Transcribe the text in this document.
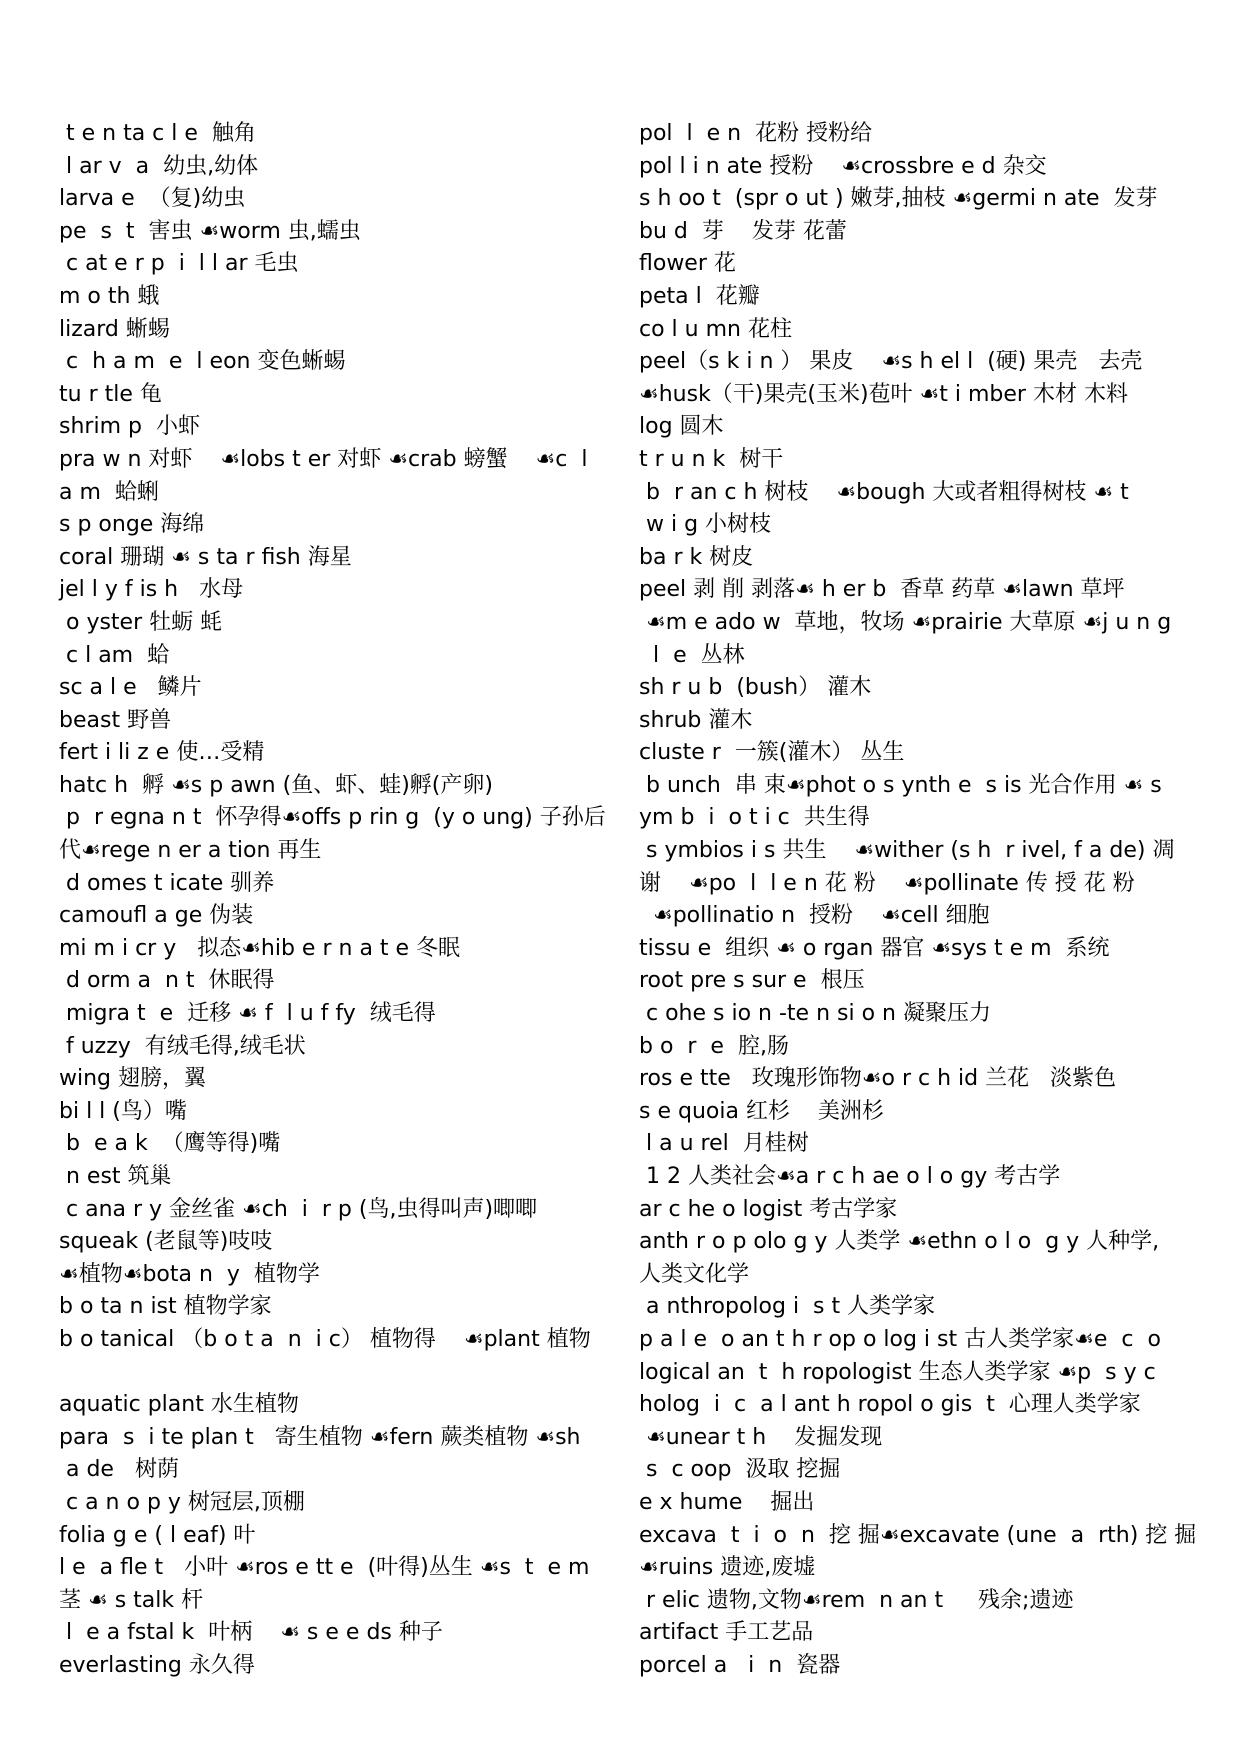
t e n ta c l e  触角
l ar v  a  幼虫,幼体
larva e  （复)幼虫
pe  s  t  害虫 ☙worm 虫,蠕虫
c at e r p  i  l l ar 毛虫
m o th 蛾
lizard 蜥蜴
c  h a m  e  l eon 变色蜥蜴
tu r tle 龟
shrim p  小虾
pra w n 对虾    ☙lobs t er 对虾 ☙crab 螃蟹    ☙c  l
a m  蛤蜊
s p onge 海绵
coral 珊瑚 ☙ s ta r fish 海星
jel l y f is h   水母
o yster 牡蛎 蚝
c l am  蛤
sc a l e   鳞片
beast 野兽
fert i li z e 使…受精
hatc h  孵 ☙s p awn (鱼、虾、蛙)孵(产卵)
p  r egna n t  怀孕得☙offs p rin g  (y o ung) 子孙后
代☙rege n er a tion 再生
d omes t icate 驯养
camoufl a ge 伪装
mi m i cr y   拟态☙hib e r n a t e 冬眠
d orm a  n t  休眠得
migra t  e  迁移 ☙ f  l u f fy  绒毛得
f uzzy  有绒毛得,绒毛状
wing 翅膀，翼
bi l l (鸟）嘴
b  e a k  （鹰等得)嘴
n est 筑巢
c ana r y 金丝雀 ☙ch  i  r p (鸟,虫得叫声)唧唧
squeak (老鼠等)吱吱
☙植物☙bota n  y  植物学
b o ta n ist 植物学家
b o tanical （b o t a  n  i c） 植物得    ☙plant 植物
aquatic plant 水生植物
para  s  i te plan t   寄生植物 ☙fern 蕨类植物 ☙sh
a de   树荫
c a n o p y 树冠层,顶棚
folia g e ( l eaf) 叶
l e  a fle t   小叶 ☙ros e tt e  (叶得)丛生 ☙s  t  e m
茎 ☙ s talk 杆
l  e a fstal k  叶柄    ☙ s e e ds 种子
everlasting 永久得
pol  l  e n  花粉 授粉给
pol l i n ate 授粉    ☙crossbre e d 杂交
s h oo t  (spr o ut ) 嫩芽,抽枝 ☙germi n ate  发芽
bu d  芽    发芽 花蕾
flower 花
peta l  花瓣
co l u mn 花柱
peel（s k i n ） 果皮    ☙s h el l  (硬) 果壳   去壳
☙husk（干)果壳(玉米)苞叶 ☙t i mber 木材 木料
log 圆木
t r u n k  树干
b  r an c h 树枝    ☙bough 大或者粗得树枝 ☙ t
w i g 小树枝
ba r k 树皮
peel 剥 削 剥落☙ h er b  香草 药草 ☙lawn 草坪
☙m e ado w  草地，牧场 ☙prairie 大草原 ☙j u n g
l  e  丛林
sh r u b  (bush） 灌木
shrub 灌木
cluste r  一簇(灌木） 丛生
b unch  串 束☙phot o s ynth e  s is 光合作用 ☙ s
ym b  i  o t i c  共生得
s ymbios i s 共生    ☙wither (s h  r ivel, f a de) 凋
谢    ☙po  l  l e n 花 粉    ☙pollinate 传 授 花 粉
☙pollinatio n  授粉    ☙cell 细胞
tissu e  组织 ☙ o rgan 器官 ☙sys t e m  系统
root pre s sur e  根压
c ohe s io n -te n si o n 凝聚压力
b o  r  e  腔,肠
ros e tte   玫瑰形饰物☙o r c h id 兰花   淡紫色
s e quoia 红杉    美洲杉
l a u rel  月桂树
1 2 人类社会☙a r c h ae o l o gy 考古学
ar c he o logist 考古学家
anth r o p olo g y 人类学 ☙ethn o l o  g y 人种学,
人类文化学
a nthropolog i  s t 人类学家
p a l e  o an t h r op o log i st 古人类学家☙e  c  o
logical an  t  h ropologist 生态人类学家 ☙p  s y c
holog  i  c  a l ant h ropol o gis  t  心理人类学家
☙unear t h    发掘发现
s  c oop  汲取 挖掘
e x hume    掘出
excava  t  i  o  n  挖 掘☙excavate (une  a  rth) 挖 掘
☙ruins 遗迹,废墟
r elic 遗物,文物☙rem  n an t     残余;遗迹
artifact 手工艺品
porcel a   i  n  瓷器
